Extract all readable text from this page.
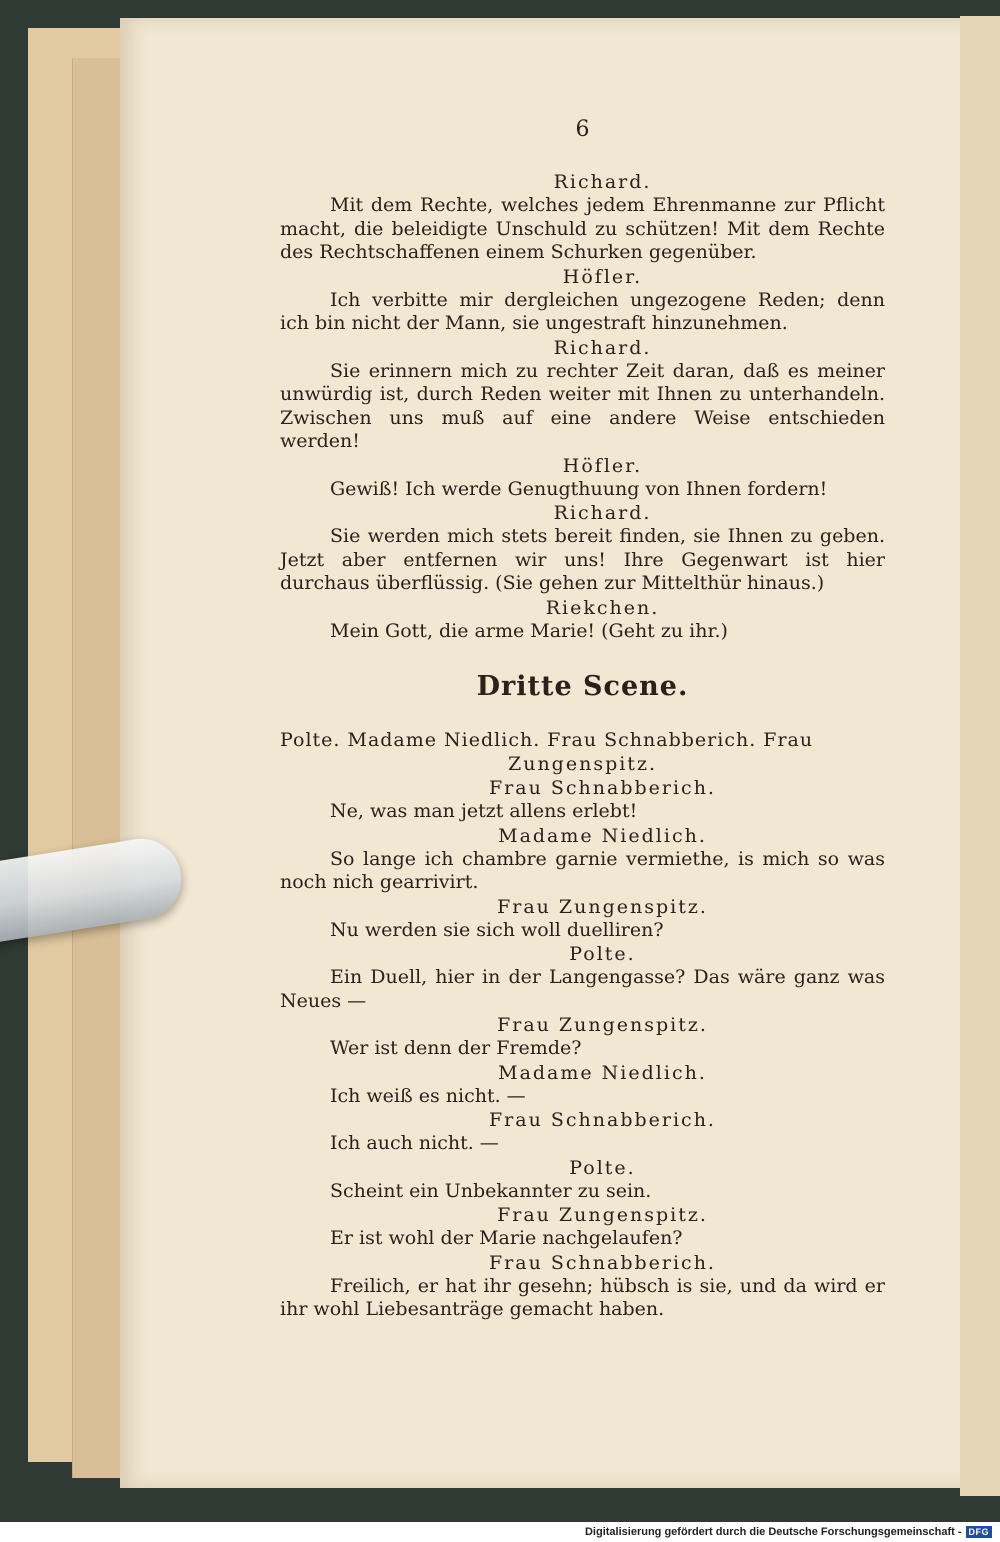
6
Richard.
Mit dem Rechte, welches jedem Ehrenmanne zur Pflicht macht, die beleidigte Unschuld zu schützen! Mit dem Rechte des Rechtschaffenen einem Schurken gegenüber.
Höfler.
Ich verbitte mir dergleichen ungezogene Reden; denn ich bin nicht der Mann, sie ungestraft hinzunehmen.
Richard.
Sie erinnern mich zu rechter Zeit daran, daß es meiner unwürdig ist, durch Reden weiter mit Ihnen zu unterhandeln. Zwischen uns muß auf eine andere Weise entschieden werden!
Höfler.
Gewiß! Ich werde Genugthuung von Ihnen fordern!
Richard.
Sie werden mich stets bereit finden, sie Ihnen zu geben. Jetzt aber entfernen wir uns! Ihre Gegenwart ist hier durchaus überflüssig. (Sie gehen zur Mittelthür hinaus.)
Riekchen.
Mein Gott, die arme Marie! (Geht zu ihr.)
Dritte Scene.
Polte. Madame Niedlich. Frau Schnabberich. Frau
Zungenspitz.
Frau Schnabberich.
Ne, was man jetzt allens erlebt!
Madame Niedlich.
So lange ich chambre garnie vermiethe, is mich so was noch nich gearrivirt.
Frau Zungenspitz.
Nu werden sie sich woll duelliren?
Polte.
Ein Duell, hier in der Langengasse? Das wäre ganz was Neues —
Frau Zungenspitz.
Wer ist denn der Fremde?
Madame Niedlich.
Ich weiß es nicht. —
Frau Schnabberich.
Ich auch nicht. —
Polte.
Scheint ein Unbekannter zu sein.
Frau Zungenspitz.
Er ist wohl der Marie nachgelaufen?
Frau Schnabberich.
Freilich, er hat ihr gesehn; hübsch is sie, und da wird er ihr wohl Liebesanträge gemacht haben.
Digitalisierung gefördert durch die Deutsche Forschungsgemeinschaft - DFG
